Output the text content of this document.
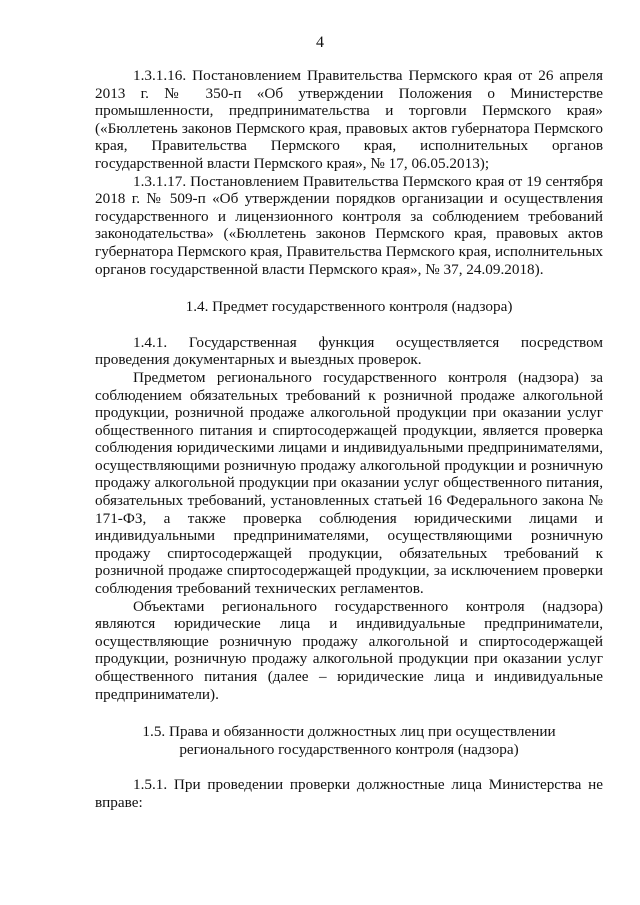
4

1.3.1.16. Постановлением Правительства Пермского края от 26 апреля 2013 г. № 350-п «Об утверждении Положения о Министерстве промышленности, предпринимательства и торговли Пермского края» («Бюллетень законов Пермского края, правовых актов губернатора Пермского края, Правительства Пермского края, исполнительных органов государственной власти Пермского края», № 17, 06.05.2013);

1.3.1.17. Постановлением Правительства Пермского края от 19 сентября 2018 г. № 509-п «Об утверждении порядков организации и осуществления государственного и лицензионного контроля за соблюдением требований законодательства» («Бюллетень законов Пермского края, правовых актов губернатора Пермского края, Правительства Пермского края, исполнительных органов государственной власти Пермского края», № 37, 24.09.2018).

1.4. Предмет государственного контроля (надзора)

1.4.1. Государственная функция осуществляется посредством проведения документарных и выездных проверок.

Предметом регионального государственного контроля (надзора) за соблюдением обязательных требований к розничной продаже алкогольной продукции, розничной продаже алкогольной продукции при оказании услуг общественного питания и спиртосодержащей продукции, является проверка соблюдения юридическими лицами и индивидуальными предпринимателями, осуществляющими розничную продажу алкогольной продукции и розничную продажу алкогольной продукции при оказании услуг общественного питания, обязательных требований, установленных статьей 16 Федерального закона № 171-ФЗ, а также проверка соблюдения юридическими лицами и индивидуальными предпринимателями, осуществляющими розничную продажу спиртосодержащей продукции, обязательных требований к розничной продаже спиртосодержащей продукции, за исключением проверки соблюдения требований технических регламентов.

Объектами регионального государственного контроля (надзора) являются юридические лица и индивидуальные предприниматели, осуществляющие розничную продажу алкогольной и спиртосодержащей продукции, розничную продажу алкогольной продукции при оказании услуг общественного питания (далее – юридические лица и индивидуальные предприниматели).

1.5. Права и обязанности должностных лиц при осуществлении
регионального государственного контроля (надзора)

1.5.1. При проведении проверки должностные лица Министерства не вправе:
